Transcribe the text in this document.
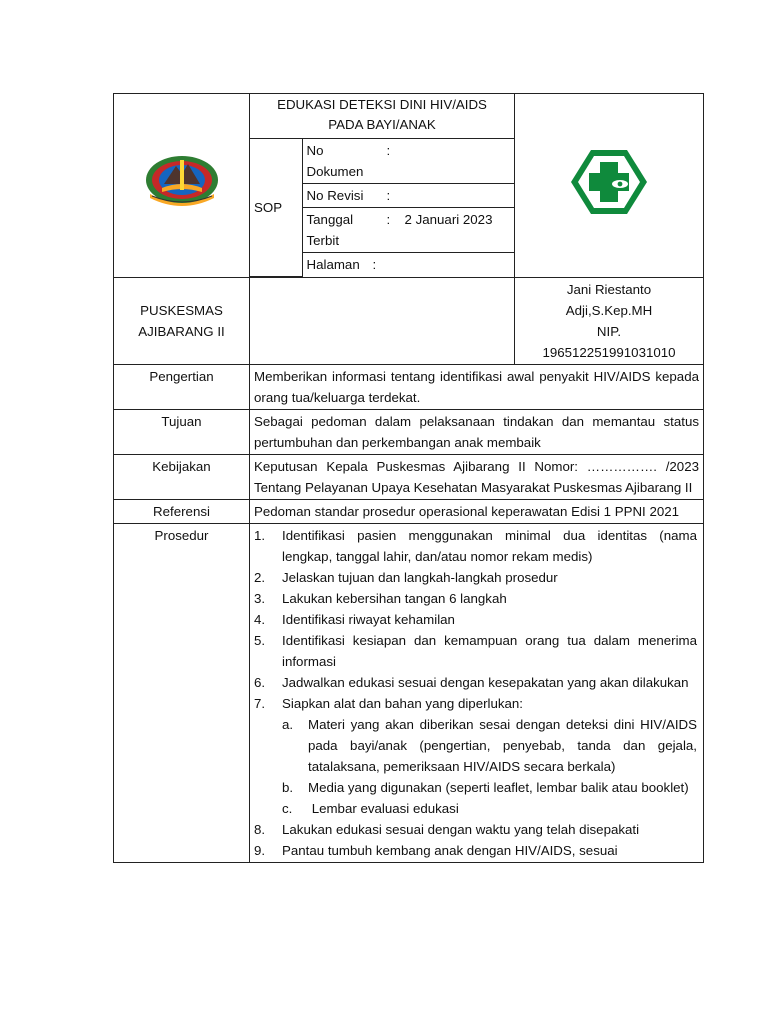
EDUKASI DETEKSI DINI HIV/AIDS
PADA BAYI/ANAK
SOP	
No	:
Dokumen

No Revisi	:

Tanggal	:	2 Januari 2023
Terbit

Halaman :

PUSKESMAS
AJIBARANG II

Jani Riestanto
Adji,S.Kep.MH
NIP.
196512251991031010

Pengertian	Memberikan informasi tentang identifikasi awal penyakit HIV/AIDS kepada orang tua/keluarga terdekat.
Tujuan	Sebagai pedoman dalam pelaksanaan tindakan dan memantau status pertumbuhan dan perkembangan anak membaik
Kebijakan	Keputusan Kepala Puskesmas Ajibarang II Nomor: ……………. /2023 Tentang Pelayanan Upaya Kesehatan Masyarakat Puskesmas Ajibarang II
Referensi	Pedoman standar prosedur operasional keperawatan Edisi 1 PPNI 2021
Prosedur	1.	Identifikasi pasien menggunakan minimal dua identitas (nama lengkap, tanggal lahir, dan/atau nomor rekam medis)
2.	Jelaskan tujuan dan langkah-langkah prosedur
3.	Lakukan kebersihan tangan 6 langkah
4.	Identifikasi riwayat kehamilan
5.	Identifikasi kesiapan dan kemampuan orang tua dalam menerima informasi
6.	Jadwalkan edukasi sesuai dengan kesepakatan yang akan dilakukan
7.	Siapkan alat dan bahan yang diperlukan:
a.	Materi yang akan diberikan sesai dengan deteksi dini HIV/AIDS pada bayi/anak (pengertian, penyebab, tanda dan gejala, tatalaksana, pemeriksaan HIV/AIDS secara berkala)
b.	Media yang digunakan (seperti leaflet, lembar balik atau booklet)
c.	Lembar evaluasi edukasi
8.	Lakukan edukasi sesuai dengan waktu yang telah disepakati
9.	Pantau tumbuh kembang anak dengan HIV/AIDS, sesuai
